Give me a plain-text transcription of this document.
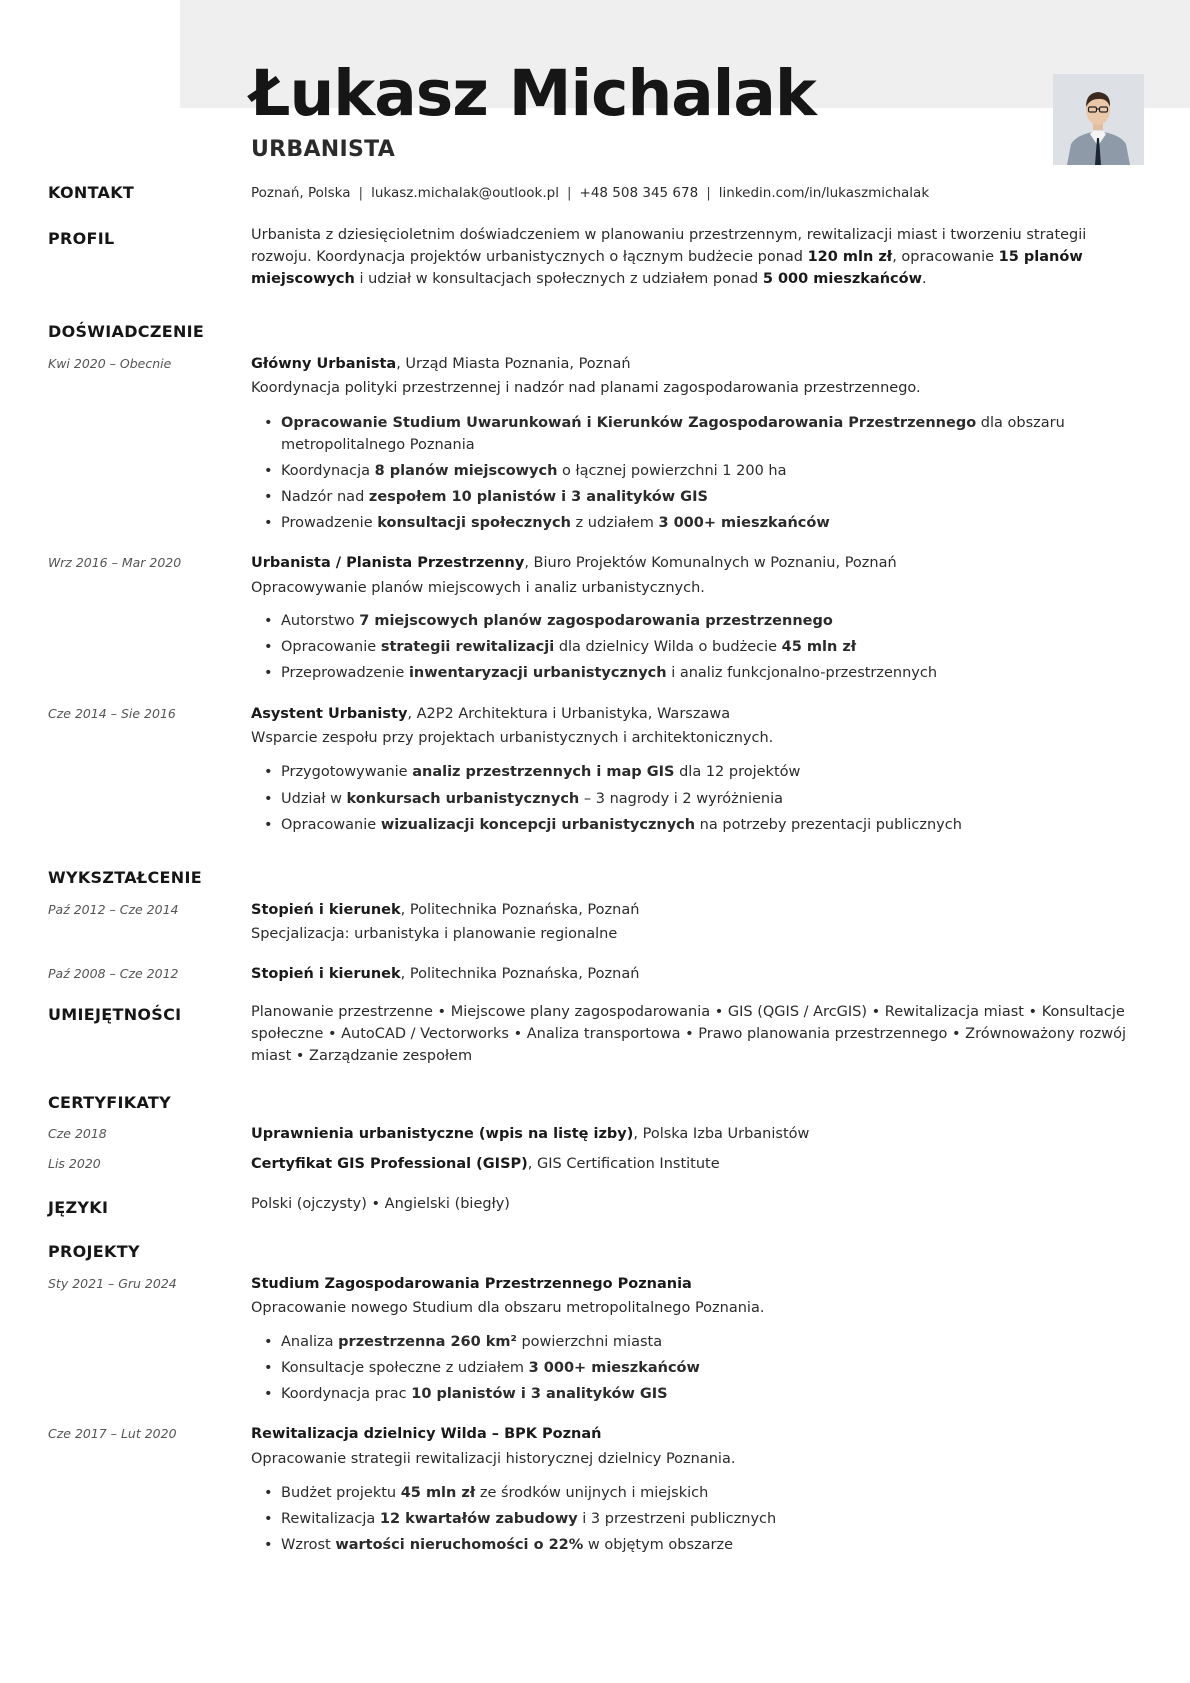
Łukasz Michalak
URBANISTA
KONTAKT	Poznań, Polska | lukasz.michalak@outlook.pl | +48 508 345 678 | linkedin.com/in/lukaszmichalak
PROFIL	Urbanista z dziesięcioletnim doświadczeniem w planowaniu przestrzennym, rewitalizacji miast i tworzeniu strategii rozwoju. Koordynacja projektów urbanistycznych o łącznym budżecie ponad 120 mln zł, opracowanie 15 planów miejscowych i udział w konsultacjach społecznych z udziałem ponad 5 000 mieszkańców.
DOŚWIADCZENIE
Kwi 2020 – Obecnie	Główny Urbanista, Urząd Miasta Poznania, Poznań
Koordynacja polityki przestrzennej i nadzór nad planami zagospodarowania przestrzennego.
• Opracowanie Studium Uwarunkowań i Kierunków Zagospodarowania Przestrzennego dla obszaru metropolitalnego Poznania
• Koordynacja 8 planów miejscowych o łącznej powierzchni 1 200 ha
• Nadzór nad zespołem 10 planistów i 3 analityków GIS
• Prowadzenie konsultacji społecznych z udziałem 3 000+ mieszkańców
Wrz 2016 – Mar 2020	Urbanista / Planista Przestrzenny, Biuro Projektów Komunalnych w Poznaniu, Poznań
Opracowywanie planów miejscowych i analiz urbanistycznych.
• Autorstwo 7 miejscowych planów zagospodarowania przestrzennego
• Opracowanie strategii rewitalizacji dla dzielnicy Wilda o budżecie 45 mln zł
• Przeprowadzenie inwentaryzacji urbanistycznych i analiz funkcjonalno-przestrzennych
Cze 2014 – Sie 2016	Asystent Urbanisty, A2P2 Architektura i Urbanistyka, Warszawa
Wsparcie zespołu przy projektach urbanistycznych i architektonicznych.
• Przygotowywanie analiz przestrzennych i map GIS dla 12 projektów
• Udział w konkursach urbanistycznych – 3 nagrody i 2 wyróżnienia
• Opracowanie wizualizacji koncepcji urbanistycznych na potrzeby prezentacji publicznych
WYKSZTAŁCENIE
Paź 2012 – Cze 2014	Stopień i kierunek, Politechnika Poznańska, Poznań
Specjalizacja: urbanistyka i planowanie regionalne
Paź 2008 – Cze 2012	Stopień i kierunek, Politechnika Poznańska, Poznań
UMIEJĘTNOŚCI	Planowanie przestrzenne • Miejscowe plany zagospodarowania • GIS (QGIS / ArcGIS) • Rewitalizacja miast • Konsultacje społeczne • AutoCAD / Vectorworks • Analiza transportowa • Prawo planowania przestrzennego • Zrównoważony rozwój miast • Zarządzanie zespołem
CERTYFIKATY
Cze 2018	Uprawnienia urbanistyczne (wpis na listę izby), Polska Izba Urbanistów
Lis 2020	Certyfikat GIS Professional (GISP), GIS Certification Institute
JĘZYKI	Polski (ojczysty) • Angielski (biegły)
PROJEKTY
Sty 2021 – Gru 2024	Studium Zagospodarowania Przestrzennego Poznania
Opracowanie nowego Studium dla obszaru metropolitalnego Poznania.
• Analiza przestrzenna 260 km² powierzchni miasta
• Konsultacje społeczne z udziałem 3 000+ mieszkańców
• Koordynacja prac 10 planistów i 3 analityków GIS
Cze 2017 – Lut 2020	Rewitalizacja dzielnicy Wilda – BPK Poznań
Opracowanie strategii rewitalizacji historycznej dzielnicy Poznania.
• Budżet projektu 45 mln zł ze środków unijnych i miejskich
• Rewitalizacja 12 kwartałów zabudowy i 3 przestrzeni publicznych
• Wzrost wartości nieruchomości o 22% w objętym obszarze
